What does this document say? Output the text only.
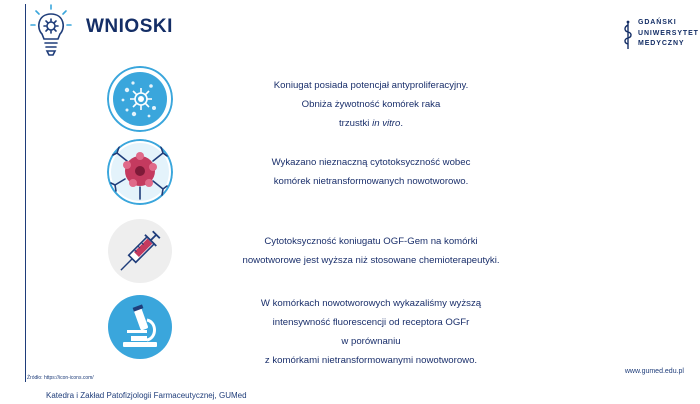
WNIOSKI	GDAŃSKI
UNIWERSYTET
MEDYCZNY
Koniugat posiada potencjał antyproliferacyjny.
Obniża żywotność komórek raka
trzustki in vitro.
Wykazano nieznaczną cytotoksyczność wobec
komórek nietransformowanych nowotworowo.
Cytotoksyczność koniugatu OGF-Gem na komórki
nowotworowe jest wyższa niż stosowane chemioterapeutyki.
W komórkach nowotworowych wykazaliśmy wyższą
intensywność fluorescencji od receptora OGFr
w porównaniu
z komórkami nietransformowanymi nowotworowo.
Źródło: https://icon-icons.com/
www.gumed.edu.pl
Katedra i Zakład Patofizjologii Farmaceutycznej, GUMed
